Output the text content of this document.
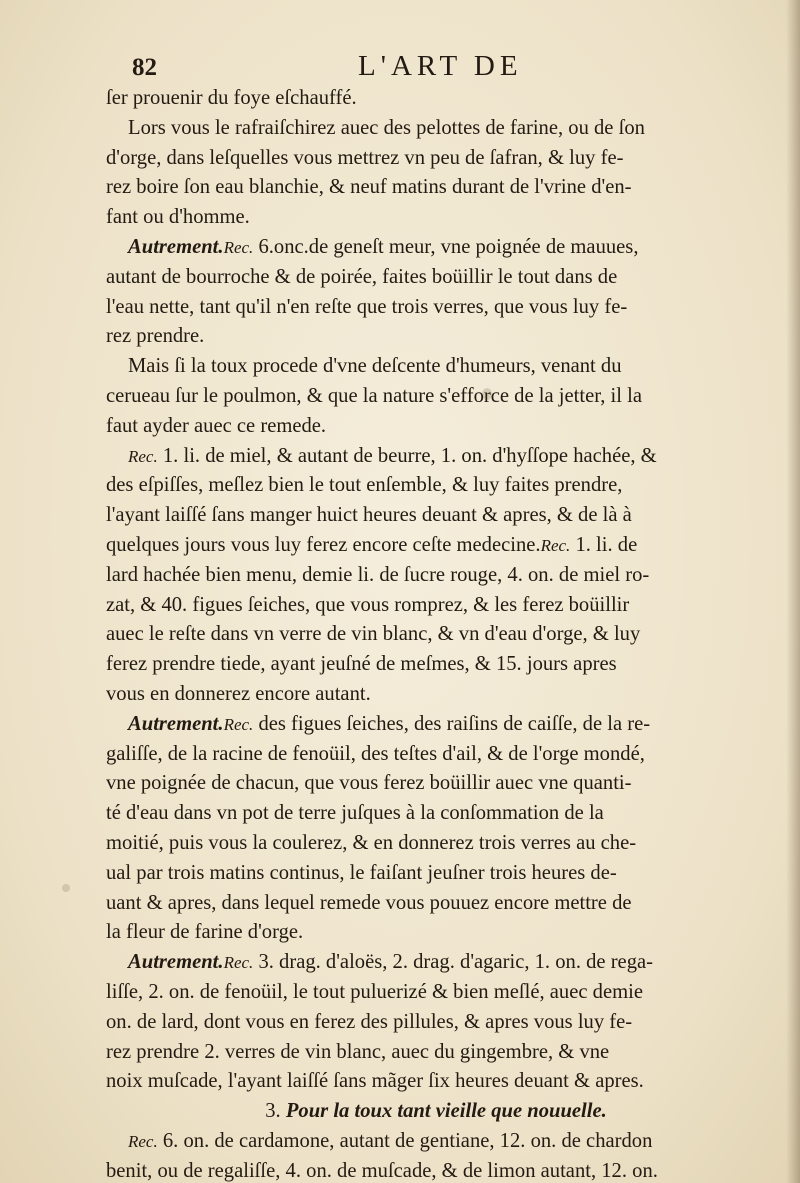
82	L'ART DE
ſer prouenir du foye eſchauffé.
Lors vous le rafraiſchirez auec des pelottes de farine, ou de ſon
d'orge, dans leſquelles vous mettrez vn peu de ſafran, & luy fe-
rez boire ſon eau blanchie, & neuf matins durant de l'vrine d'en-
fant ou d'homme.
Autrement.Rec. 6.onc.de geneſt meur, vne poignée de mauues,
autant de bourroche & de poirée, faites boüillir le tout dans de
l'eau nette, tant qu'il n'en reſte que trois verres, que vous luy fe-
rez prendre.
Mais ſi la toux procede d'vne deſcente d'humeurs, venant du
cerueau ſur le poulmon, & que la nature s'efforce de la jetter, il la
faut ayder auec ce remede.
Rec. 1. li. de miel, & autant de beurre, 1. on. d'hyſſope hachée, &
des eſpiſſes, meſlez bien le tout enſemble, & luy faites prendre,
l'ayant laiſſé ſans manger huict heures deuant & apres, & de là à
quelques jours vous luy ferez encore ceſte medecine.Rec. 1. li. de
lard hachée bien menu, demie li. de ſucre rouge, 4. on. de miel ro-
zat, & 40. figues ſeiches, que vous romprez, & les ferez boüillir
auec le reſte dans vn verre de vin blanc, & vn d'eau d'orge, & luy
ferez prendre tiede, ayant jeuſné de meſmes, & 15. jours apres
vous en donnerez encore autant.
Autrement.Rec. des figues ſeiches, des raiſins de caiſſe, de la re-
galiſſe, de la racine de fenoüil, des teſtes d'ail, & de l'orge mondé,
vne poignée de chacun, que vous ferez boüillir auec vne quanti-
té d'eau dans vn pot de terre juſques à la conſommation de la
moitié, puis vous la coulerez, & en donnerez trois verres au che-
ual par trois matins continus, le faiſant jeuſner trois heures de-
uant & apres, dans lequel remede vous pouuez encore mettre de
la fleur de farine d'orge.
Autrement.Rec. 3. drag. d'aloës, 2. drag. d'agaric, 1. on. de rega-
liſſe, 2. on. de fenoüil, le tout puluerizé & bien meſlé, auec demie
on. de lard, dont vous en ferez des pillules, & apres vous luy fe-
rez prendre 2. verres de vin blanc, auec du gingembre, & vne
noix muſcade, l'ayant laiſſé ſans mãger ſix heures deuant & apres.
3. Pour la toux tant vieille que nouuelle.
Rec. 6. on. de cardamone, autant de gentiane, 12. on. de chardon
benit, ou de regaliſſe, 4. on. de muſcade, & de limon autant, 12. on.
